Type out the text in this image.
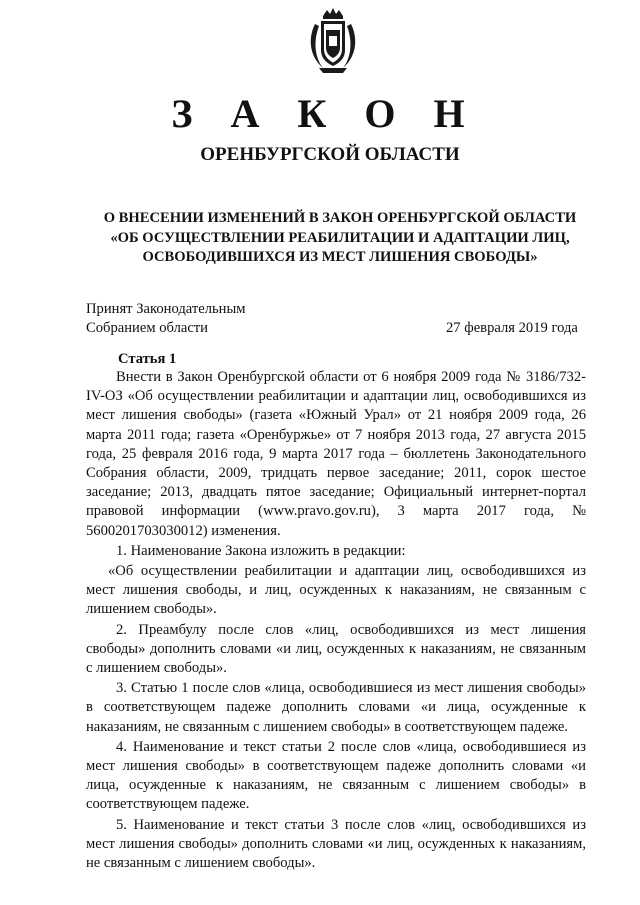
З А К О Н
ОРЕНБУРГСКОЙ ОБЛАСТИ
О ВНЕСЕНИИ ИЗМЕНЕНИЙ В ЗАКОН ОРЕНБУРГСКОЙ ОБЛАСТИ
«ОБ ОСУЩЕСТВЛЕНИИ РЕАБИЛИТАЦИИ И АДАПТАЦИИ ЛИЦ,
ОСВОБОДИВШИХСЯ ИЗ МЕСТ ЛИШЕНИЯ СВОБОДЫ»
Принят Законодательным
Собранием области	27 февраля 2019 года
Статья 1

Внести в Закон Оренбургской области от 6 ноября 2009 года № 3186/732-IV-ОЗ «Об осуществлении реабилитации и адаптации лиц, освободившихся из мест лишения свободы» (газета «Южный Урал» от 21 ноября 2009 года, 26 марта 2011 года; газета «Оренбуржье» от 7 ноября 2013 года, 27 августа 2015 года, 25 февраля 2016 года, 9 марта 2017 года – бюллетень Законодательного Собрания области, 2009, тридцать первое заседание; 2011, сорок шестое заседание; 2013, двадцать пятое заседание; Официальный интернет-портал правовой информации (www.pravo.gov.ru), 3 марта 2017 года, № 5600201703030012) изменения.

1. Наименование Закона изложить в редакции:

«Об осуществлении реабилитации и адаптации лиц, освободившихся из мест лишения свободы, и лиц, осужденных к наказаниям, не связанным с лишением свободы».

2. Преамбулу после слов «лиц, освободившихся из мест лишения свободы» дополнить словами «и лиц, осужденных к наказаниям, не связанным с лишением свободы».

3. Статью 1 после слов «лица, освободившиеся из мест лишения свободы» в соответствующем падеже дополнить словами «и лица, осужденные к наказаниям, не связанным с лишением свободы» в соответствующем падеже.

4. Наименование и текст статьи 2 после слов «лица, освободившиеся из мест лишения свободы» в соответствующем падеже дополнить словами «и лица, осужденные к наказаниям, не связанным с лишением свободы» в соответствующем падеже.

5. Наименование и текст статьи 3 после слов «лиц, освободившихся из мест лишения свободы» дополнить словами «и лиц, осужденных к наказаниям, не связанным с лишением свободы».
